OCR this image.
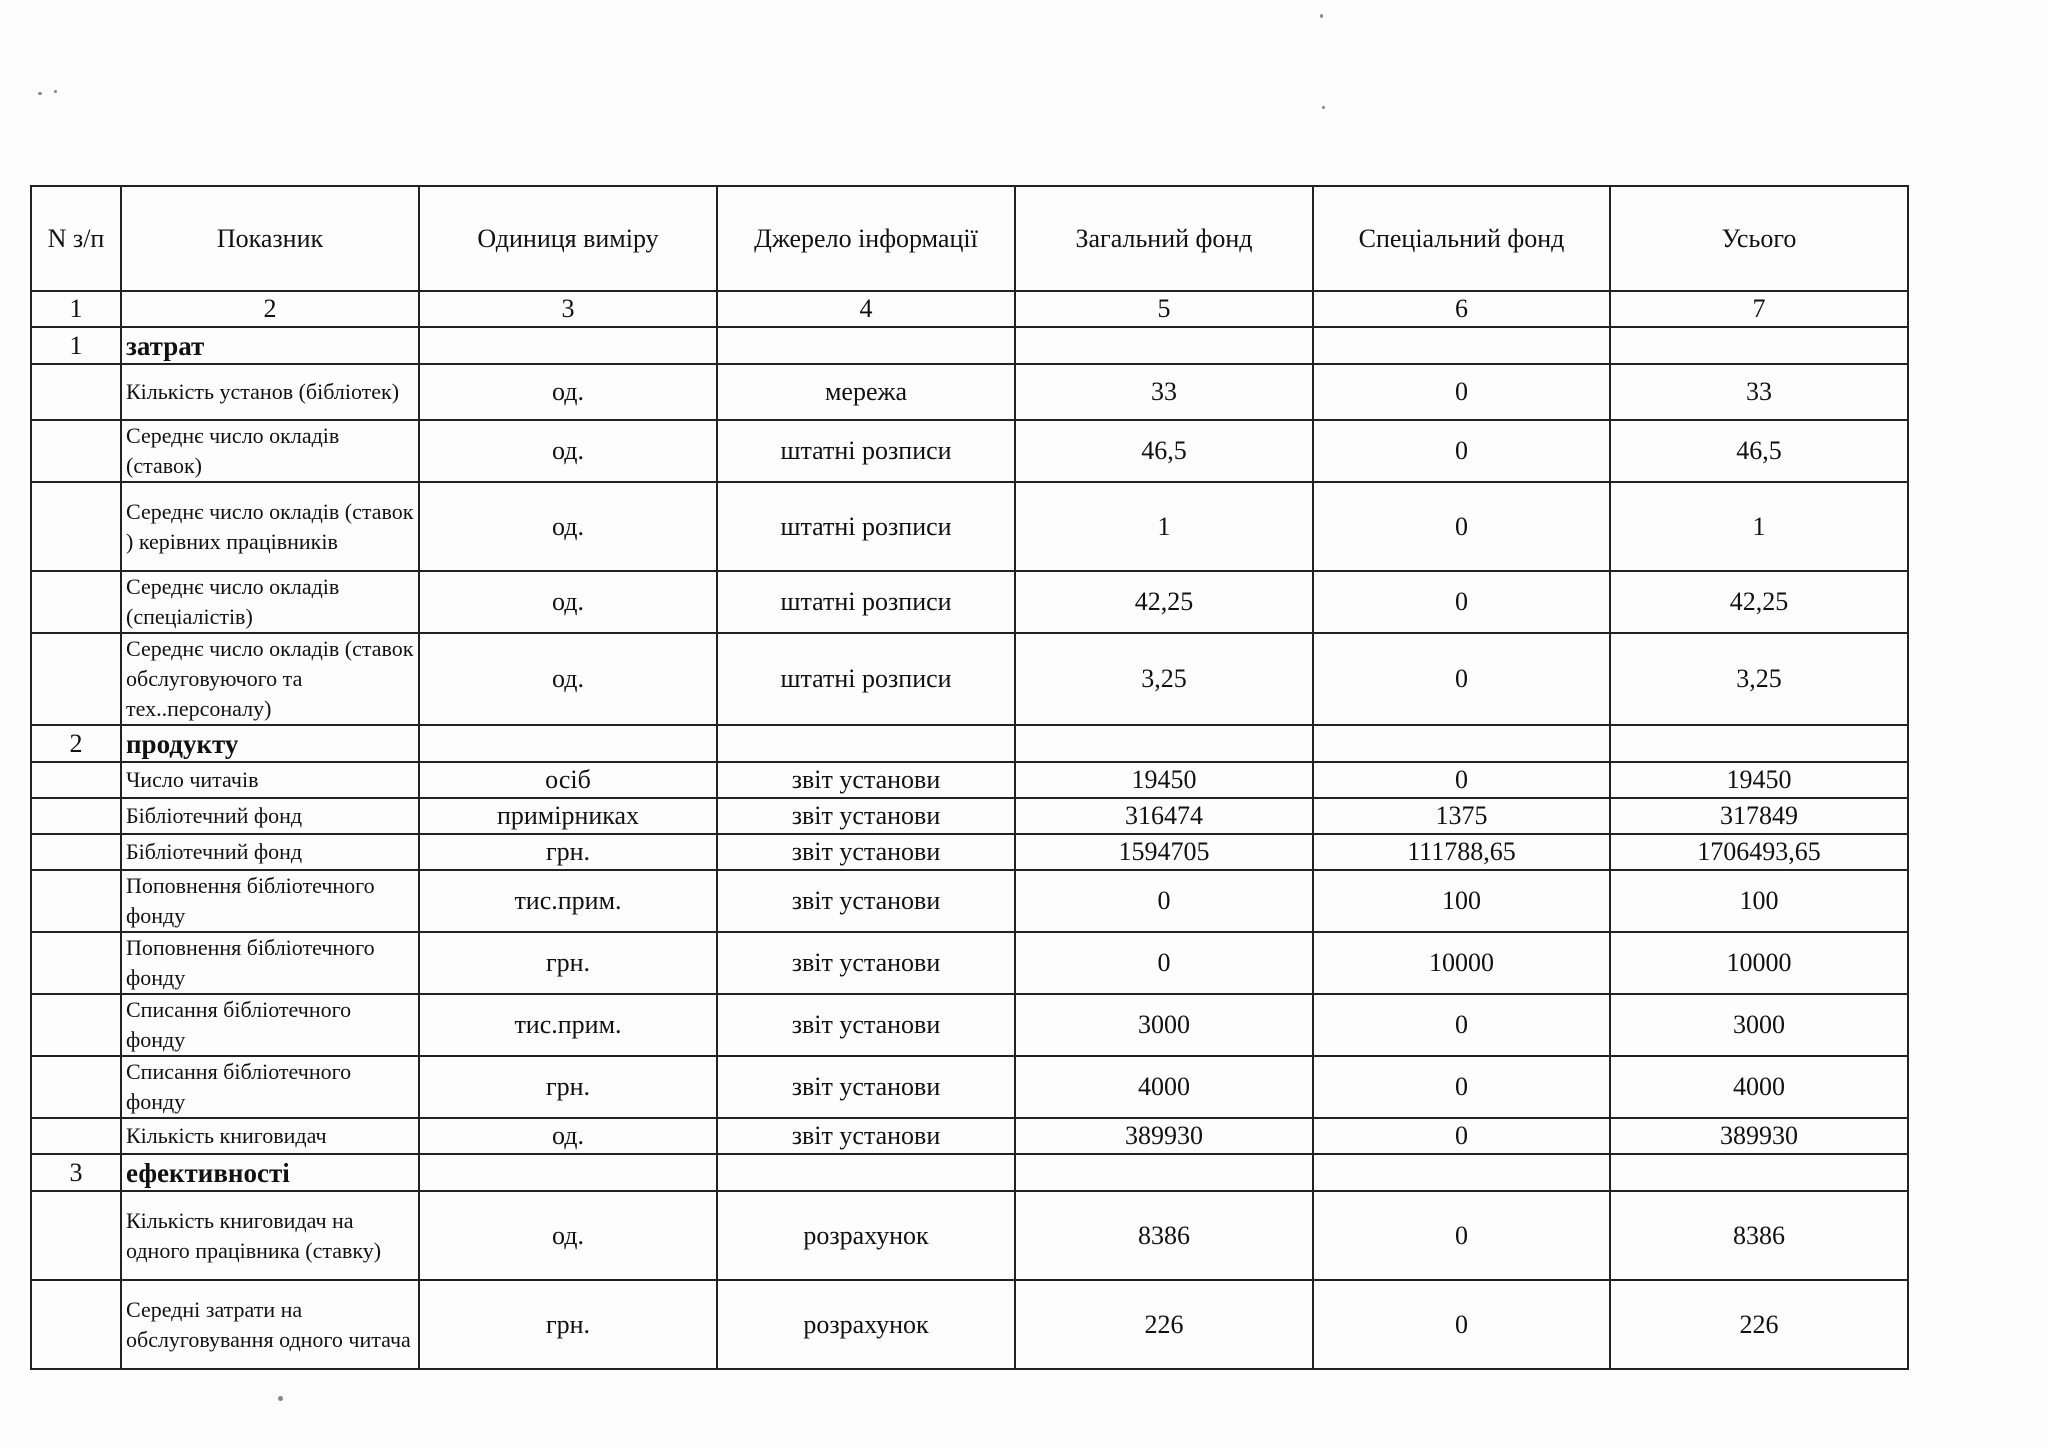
N з/п	Показник	Одиниця виміру	Джерело інформації	Загальний фонд	Спеціальний фонд	Усього
1	2	3	4	5	6	7
1	затрат					
	Кількість установ (бібліотек)	од.	мережа	33	0	33
	Середнє число окладів (ставок)	од.	штатні розписи	46,5	0	46,5
	Середнє число окладів (ставок ) керівних працівників	од.	штатні розписи	1	0	1
	Середнє число окладів (спеціалістів)	од.	штатні розписи	42,25	0	42,25
	Середнє число окладів (ставок обслуговуючого та тех..персоналу)	од.	штатні розписи	3,25	0	3,25
2	продукту					
	Число читачів	осіб	звіт установи	19450	0	19450
	Бібліотечний фонд	примірниках	звіт установи	316474	1375	317849
	Бібліотечний фонд	грн.	звіт установи	1594705	111788,65	1706493,65
	Поповнення бібліотечного фонду	тис.прим.	звіт установи	0	100	100
	Поповнення бібліотечного фонду	грн.	звіт установи	0	10000	10000
	Списання бібліотечного фонду	тис.прим.	звіт установи	3000	0	3000
	Списання бібліотечного фонду	грн.	звіт установи	4000	0	4000
	Кількість книговидач	од.	звіт установи	389930	0	389930
3	ефективності					
	Кількість книговидач на одного працівника (ставку)	од.	розрахунок	8386	0	8386
	Середні затрати на обслуговування одного читача	грн.	розрахунок	226	0	226
